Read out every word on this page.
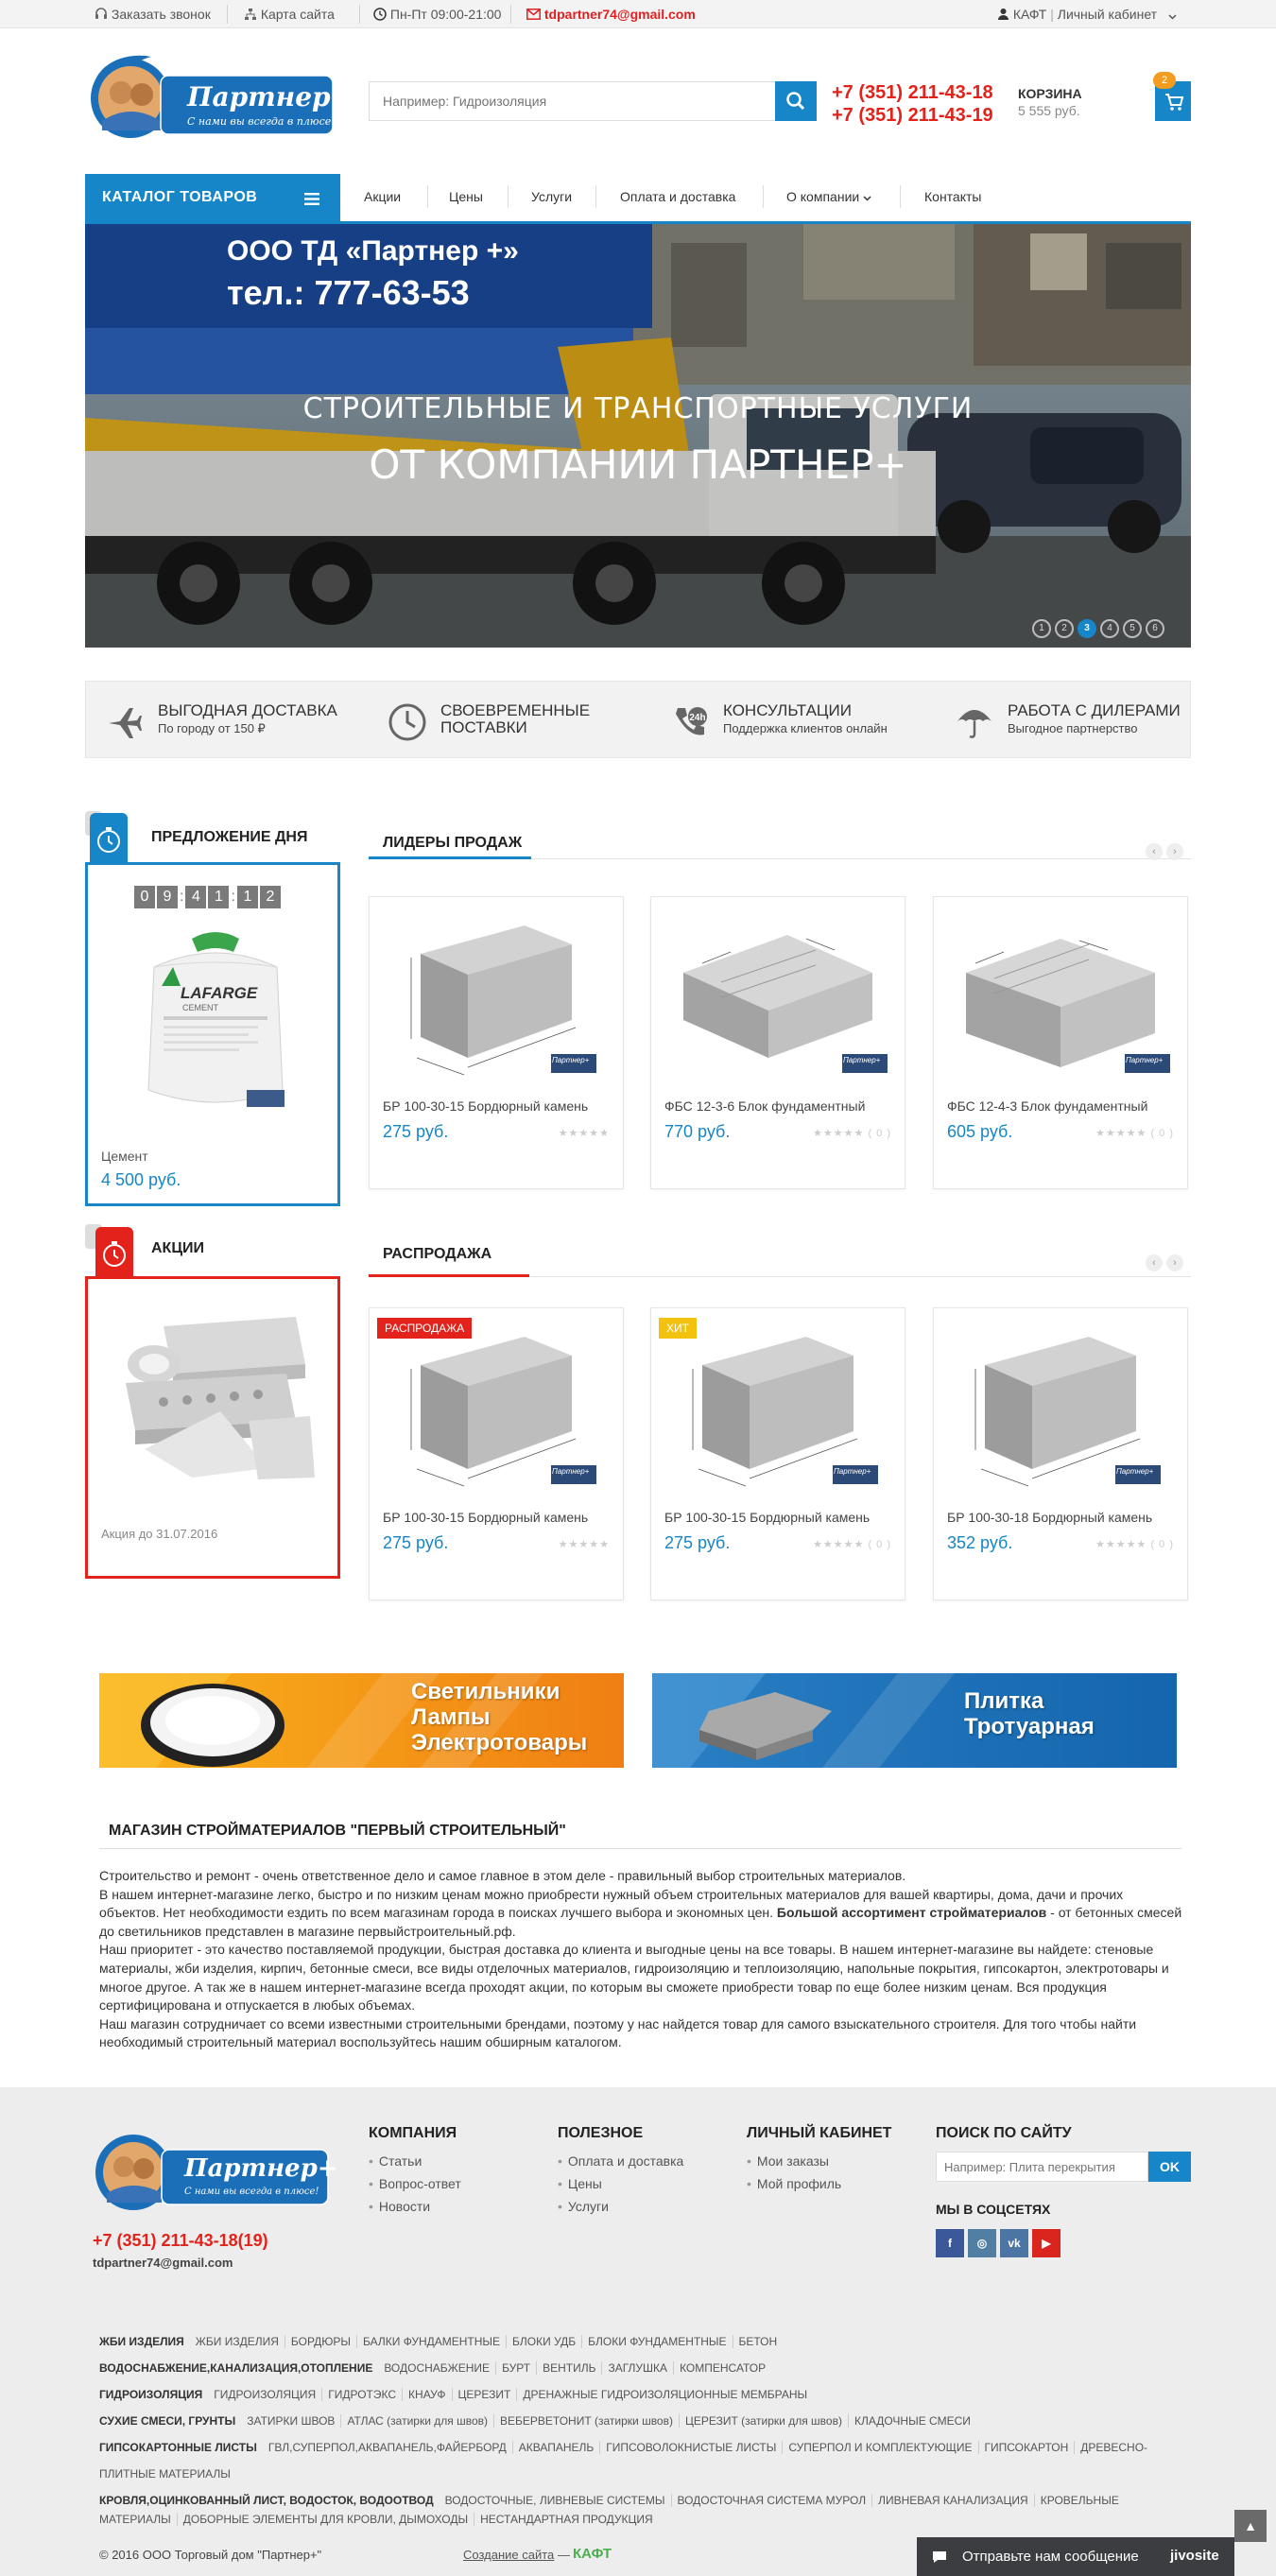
Заказать звонок	Карта сайта	Пн-Пт 09:00-21:00	tdpartner74@gmail.com	КАФТ | Личный кабинет
Партнер+
С нами вы всегда в плюсе!
Например: Гидроизоляция
+7 (351) 211-43-18
+7 (351) 211-43-19
КОРЗИНА
5 555 руб.
2
КАТАЛОГ ТОВАРОВ	Акции	Цены	Услуги	Оплата и доставка	О компании	Контакты
ООО ТД «Партнер +»
тел.: 777-63-53
СТРОИТЕЛЬНЫЕ И ТРАНСПОРТНЫЕ УСЛУГИ
ОТ КОМПАНИИ ПАРТНЕР+
1 2 3 4 5 6
ВЫГОДНАЯ ДОСТАВКА
По городу от 150 ₽
СВОЕВРЕМЕННЫЕ
ПОСТАВКИ
24h КОНСУЛЬТАЦИИ
Поддержка клиентов онлайн
РАБОТА С ДИЛЕРАМИ
Выгодное партнерство
ПРЕДЛОЖЕНИЕ ДНЯ
0 9 : 4 1 : 1 2
LAFARGE
CEMENT
Цемент
4 500 руб.
АКЦИИ
Акция до 31.07.2016
ЛИДЕРЫ ПРОДАЖ
‹ ›
Партнер+
БР 100-30-15 Бордюрный камень
275 руб.	★★★★★
Партнер+
ФБС 12-3-6 Блок фундаментный
770 руб.	★★★★★ ( 0 )
Партнер+
ФБС 12-4-3 Блок фундаментный
605 руб.	★★★★★ ( 0 )
РАСПРОДАЖА
‹ ›
Партнер+
РАСПРОДАЖА
БР 100-30-15 Бордюрный камень
275 руб.	★★★★★
Партнер+
ХИТ
БР 100-30-15 Бордюрный камень
275 руб.	★★★★★ ( 0 )
Партнер+
БР 100-30-18 Бордюрный камень
352 руб.	★★★★★ ( 0 )
Светильники
Лампы
Электротовары
Плитка
Тротуарная
МАГАЗИН СТРОЙМАТЕРИАЛОВ "ПЕРВЫЙ СТРОИТЕЛЬНЫЙ"
Строительство и ремонт - очень ответственное дело и самое главное в этом деле - правильный выбор строительных материалов.
В нашем интернет-магазине легко, быстро и по низким ценам можно приобрести нужный объем строительных материалов для вашей квартиры, дома, дачи и прочих объектов. Нет необходимости ездить по всем магазинам города в поисках лучшего выбора и экономных цен. Большой ассортимент стройматериалов - от бетонных смесей до светильников представлен в магазине первыйстроительный.рф.
Наш приоритет - это качество поставляемой продукции, быстрая доставка до клиента и выгодные цены на все товары. В нашем интернет-магазине вы найдете: стеновые материалы, жби изделия, кирпич, бетонные смеси, все виды отделочных материалов, гидроизоляцию и теплоизоляцию, напольные покрытия, гипсокартон, электротовары и многое другое. А так же в нашем интернет-магазине всегда проходят акции, по которым вы сможете приобрести товар по еще более низким ценам. Вся продукция сертифицирована и отпускается в любых объемах.
Наш магазин сотрудничает со всеми известными строительными брендами, поэтому у нас найдется товар для самого взыскательного строителя. Для того чтобы найти необходимый строительный материал воспользуйтесь нашим обширным каталогом.
Партнер+
С нами вы всегда в плюсе!
+7 (351) 211-43-18(19)
tdpartner74@gmail.com
КОМПАНИЯ
• Статьи
• Вопрос-ответ
• Новости
ПОЛЕЗНОЕ
• Оплата и доставка
• Цены
• Услуги
ЛИЧНЫЙ КАБИНЕТ
• Мои заказы
• Мой профиль
ПОИСК ПО САЙТУ
Например: Плита перекрытия
OK
МЫ В СОЦСЕТЯХ
f	◎	vk	▶
ЖБИ ИЗДЕЛИЯ ЖБИ ИЗДЕЛИЯ БОРДЮРЫ БАЛКИ ФУНДАМЕНТНЫЕ БЛОКИ УДБ БЛОКИ ФУНДАМЕНТНЫЕ БЕТОН
ВОДОСНАБЖЕНИЕ,КАНАЛИЗАЦИЯ,ОТОПЛЕНИЕ ВОДОСНАБЖЕНИЕ БУРТ ВЕНТИЛЬ ЗАГЛУШКА КОМПЕНСАТОР
ГИДРОИЗОЛЯЦИЯ ГИДРОИЗОЛЯЦИЯ ГИДРОТЭКС КНАУФ ЦЕРЕЗИТ ДРЕНАЖНЫЕ ГИДРОИЗОЛЯЦИОННЫЕ МЕМБРАНЫ
СУХИЕ СМЕСИ, ГРУНТЫ ЗАТИРКИ ШВОВ АТЛАС (затирки для швов) ВЕБЕРВЕТОНИТ (затирки швов) ЦЕРЕЗИТ (затирки для швов) КЛАДОЧНЫЕ СМЕСИ
ГИПСОКАРТОННЫЕ ЛИСТЫ ГВЛ,СУПЕРПОЛ,АКВАПАНЕЛЬ,ФАЙЕРБОРД АКВАПАНЕЛЬ ГИПСОВОЛОКНИСТЫЕ ЛИСТЫ СУПЕРПОЛ И КОМПЛЕКТУЮЩИЕ ГИПСОКАРТОН ДРЕВЕСНО-ПЛИТНЫЕ МАТЕРИАЛЫ
КРОВЛЯ,ОЦИНКОВАННЫЙ ЛИСТ, ВОДОСТОК, ВОДООТВОД ВОДОСТОЧНЫЕ, ЛИВНЕВЫЕ СИСТЕМЫ ВОДОСТОЧНАЯ СИСТЕМА МУРОЛ ЛИВНЕВАЯ КАНАЛИЗАЦИЯ КРОВЕЛЬНЫЕ МАТЕРИАЛЫ ДОБОРНЫЕ ЭЛЕМЕНТЫ ДЛЯ КРОВЛИ, ДЫМОХОДЫ НЕСТАНДАРТНАЯ ПРОДУКЦИЯ
© 2016 ООО Торговый дом "Партнер+"	Создание сайта — КАФТ	Отправьте нам сообщение jivosite
▲
